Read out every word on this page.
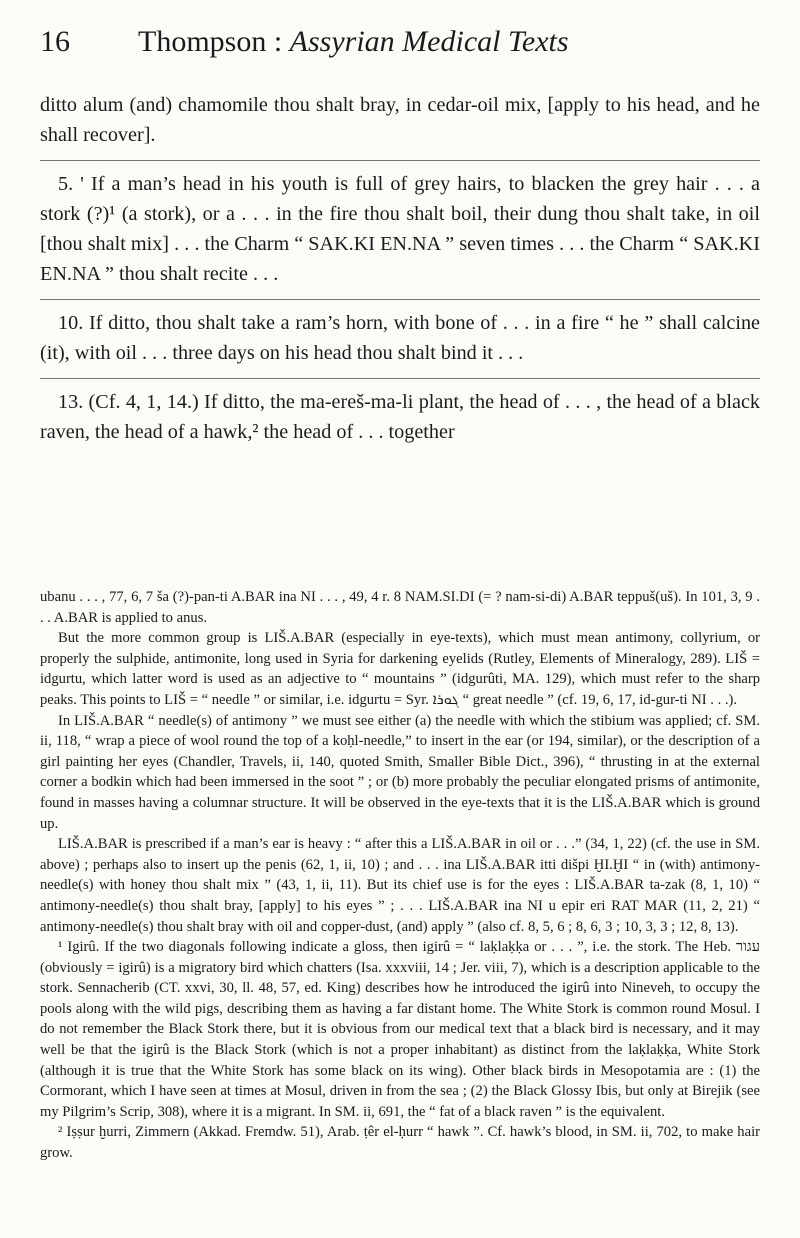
16 Thompson : Assyrian Medical Texts

ditto alum (and) chamomile thou shalt bray, in cedar-oil mix, [apply to his head, and he shall recover].

5. ' If a man’s head in his youth is full of grey hairs, to blacken the grey hair . . . a stork (?)¹ (a stork), or a . . . in the fire thou shalt boil, their dung thou shalt take, in oil [thou shalt mix] . . . the Charm “ SAK.KI EN.NA ” seven times . . . the Charm “ SAK.KI EN.NA ” thou shalt recite . . .

10. If ditto, thou shalt take a ram’s horn, with bone of . . . in a fire “ he ” shall calcine (it), with oil . . . three days on his head thou shalt bind it . . .

13. (Cf. 4, 1, 14.) If ditto, the ma-ereš-ma-li plant, the head of . . . , the head of a black raven, the head of a hawk,² the head of . . . together

ubanu . . . , 77, 6, 7 ša (?)-pan-ti A.BAR ina NI . . . , 49, 4 r. 8 NAM.SI.DI (= ? nam-si-di) A.BAR teppuš(uš). In 101, 3, 9 . . . A.BAR is applied to anus.

But the more common group is LIŠ.A.BAR (especially in eye-texts), which must mean antimony, collyrium, or properly the sulphide, antimonite, long used in Syria for darkening eyelids (Rutley, Elements of Mineralogy, 289). LIŠ = idgurtu, which latter word is used as an adjective to “ mountains ” (idgurûti, MA. 129), which must refer to the sharp peaks. This points to LIŠ = “ needle ” or similar, i.e. idgurtu = Syr. ܓܘܪܐ “ great needle ” (cf. 19, 6, 17, id-gur-ti NI . . .).

In LIŠ.A.BAR “ needle(s) of antimony ” we must see either (a) the needle with which the stibium was applied; cf. SM. ii, 118, “ wrap a piece of wool round the top of a koḥl-needle,” to insert in the ear (or 194, similar), or the description of a girl painting her eyes (Chandler, Travels, ii, 140, quoted Smith, Smaller Bible Dict., 396), “ thrusting in at the external corner a bodkin which had been immersed in the soot ” ; or (b) more probably the peculiar elongated prisms of antimonite, found in masses having a columnar structure. It will be observed in the eye-texts that it is the LIŠ.A.BAR which is ground up.

LIŠ.A.BAR is prescribed if a man’s ear is heavy : “ after this a LIŠ.A.BAR in oil or . . .” (34, 1, 22) (cf. the use in SM. above) ; perhaps also to insert up the penis (62, 1, ii, 10) ; and . . . ina LIŠ.A.BAR itti dišpi ḪI.ḪI “ in (with) antimony-needle(s) with honey thou shalt mix ” (43, 1, ii, 11). But its chief use is for the eyes : LIŠ.A.BAR ta-zak (8, 1, 10) “ antimony-needle(s) thou shalt bray, [apply] to his eyes ” ; . . . LIŠ.A.BAR ina NI u epir eri RAT MAR (11, 2, 21) “ antimony-needle(s) thou shalt bray with oil and copper-dust, (and) apply ” (also cf. 8, 5, 6 ; 8, 6, 3 ; 10, 3, 3 ; 12, 8, 13).

¹ Igirû. If the two diagonals following indicate a gloss, then igirû = “ laḳlaḳḳa or . . . ”, i.e. the stork. The Heb. עגור (obviously = igirû) is a migratory bird which chatters (Isa. xxxviii, 14 ; Jer. viii, 7), which is a description applicable to the stork. Sennacherib (CT. xxvi, 30, ll. 48, 57, ed. King) describes how he introduced the igirû into Nineveh, to occupy the pools along with the wild pigs, describing them as having a far distant home. The White Stork is common round Mosul. I do not remember the Black Stork there, but it is obvious from our medical text that a black bird is necessary, and it may well be that the igirû is the Black Stork (which is not a proper inhabitant) as distinct from the laḳlaḳḳa, White Stork (although it is true that the White Stork has some black on its wing). Other black birds in Mesopotamia are : (1) the Cormorant, which I have seen at times at Mosul, driven in from the sea ; (2) the Black Glossy Ibis, but only at Birejik (see my Pilgrim’s Scrip, 308), where it is a migrant. In SM. ii, 691, the “ fat of a black raven ” is the equivalent.

² Iṣṣur ḫurri, Zimmern (Akkad. Fremdw. 51), Arab. ṭêr el-ḥurr “ hawk ”. Cf. hawk’s blood, in SM. ii, 702, to make hair grow.
